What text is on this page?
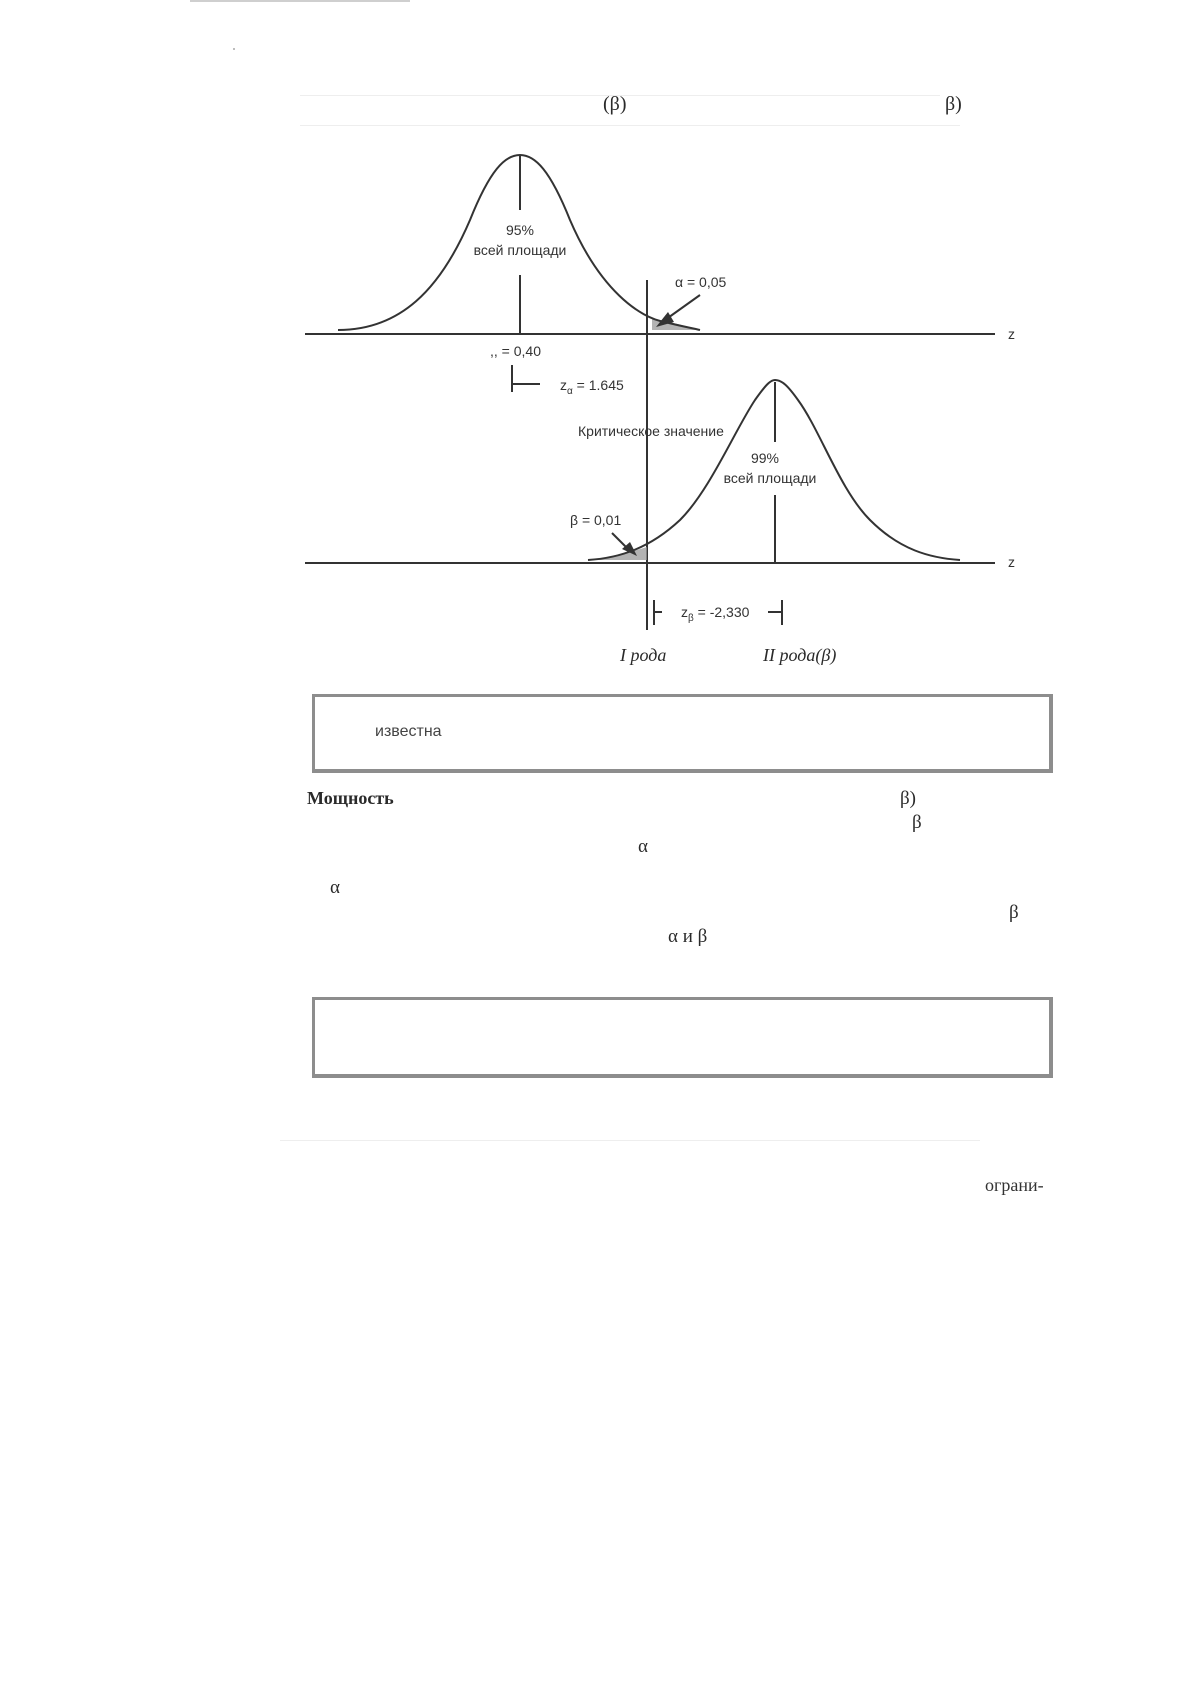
(β)	β)
95%
всей площади
α = 0,05
,, = 0,40
$z_\alpha = 1.645$
z
Критическое значение
99%
всей площади
β = 0,01
$z_\beta = -2,330$
z
I рода	II рода(β)
известна
Мощность	β)
β
α
α
β
α и β
ограни-
